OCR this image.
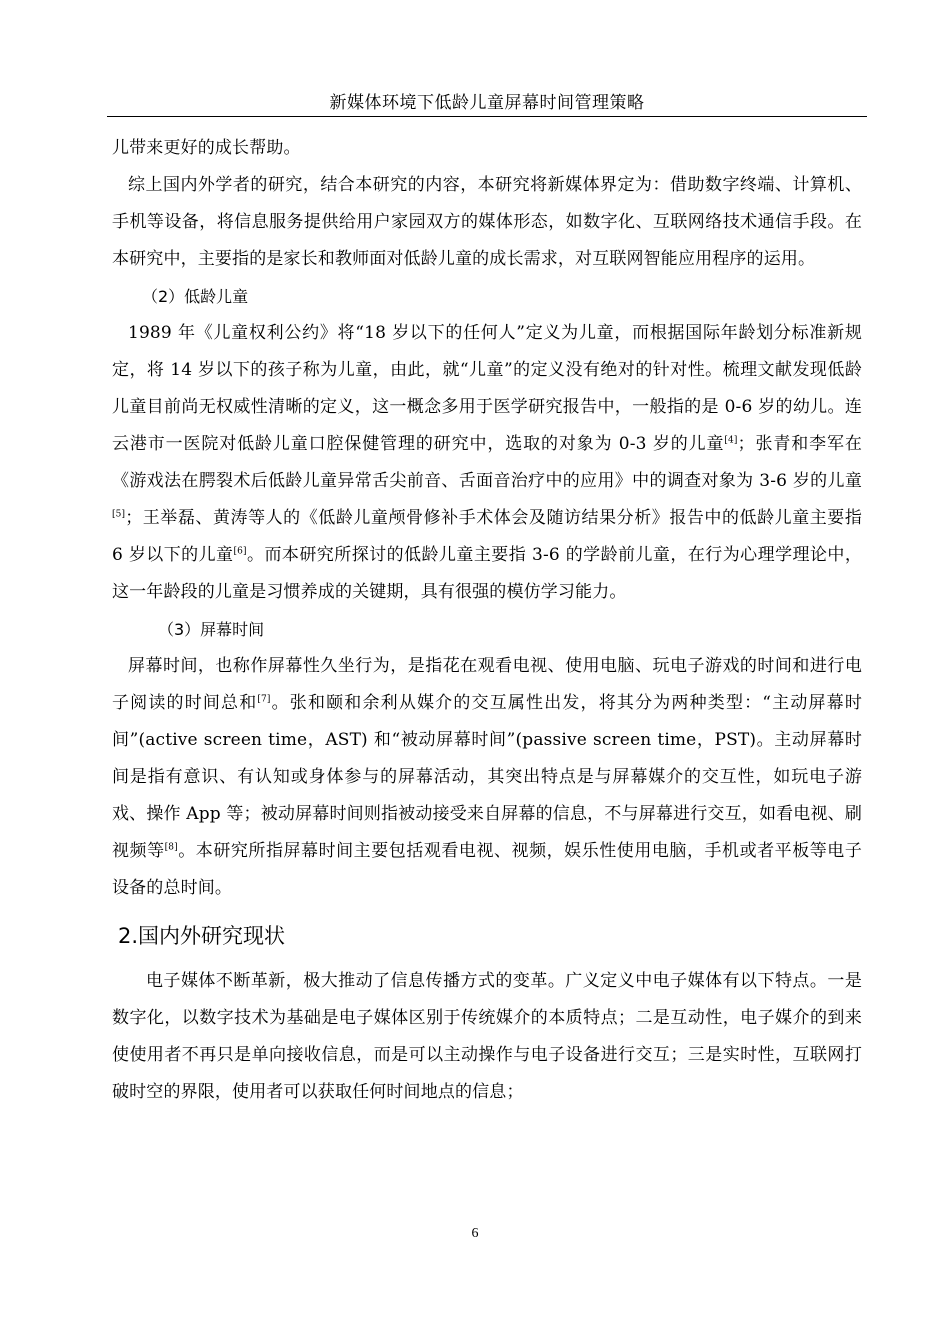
新媒体环境下低龄儿童屏幕时间管理策略

儿带来更好的成长帮助。

综上国内外学者的研究，结合本研究的内容，本研究将新媒体界定为：借助数字终端、计算机、手机等设备，将信息服务提供给用户家园双方的媒体形态，如数字化、互联网络技术通信手段。在本研究中，主要指的是家长和教师面对低龄儿童的成长需求，对互联网智能应用程序的运用。

（2）低龄儿童

1989 年《儿童权利公约》将“18 岁以下的任何人”定义为儿童，而根据国际年龄划分标准新规定，将 14 岁以下的孩子称为儿童，由此，就“儿童”的定义没有绝对的针对性。梳理文献发现低龄儿童目前尚无权威性清晰的定义，这一概念多用于医学研究报告中，一般指的是 0-6 岁的幼儿。连云港市一医院对低龄儿童口腔保健管理的研究中，选取的对象为 0-3 岁的儿童[4]；张青和李军在《游戏法在腭裂术后低龄儿童异常舌尖前音、舌面音治疗中的应用》中的调查对象为 3-6 岁的儿童[5]；王举磊、黄涛等人的《低龄儿童颅骨修补手术体会及随访结果分析》报告中的低龄儿童主要指 6 岁以下的儿童[6]。而本研究所探讨的低龄儿童主要指 3-6 的学龄前儿童，在行为心理学理论中，这一年龄段的儿童是习惯养成的关键期，具有很强的模仿学习能力。

（3）屏幕时间

屏幕时间，也称作屏幕性久坐行为，是指花在观看电视、使用电脑、玩电子游戏的时间和进行电子阅读的时间总和[7]。张和颐和余利从媒介的交互属性出发，将其分为两种类型：“主动屏幕时间”(active screen time，AST) 和“被动屏幕时间”(passive screen time，PST)。主动屏幕时间是指有意识、有认知或身体参与的屏幕活动，其突出特点是与屏幕媒介的交互性，如玩电子游戏、操作 App 等；被动屏幕时间则指被动接受来自屏幕的信息，不与屏幕进行交互，如看电视、刷视频等[8]。本研究所指屏幕时间主要包括观看电视、视频，娱乐性使用电脑，手机或者平板等电子设备的总时间。

2.国内外研究现状

电子媒体不断革新，极大推动了信息传播方式的变革。广义定义中电子媒体有以下特点。一是数字化，以数字技术为基础是电子媒体区别于传统媒介的本质特点；二是互动性，电子媒介的到来使使用者不再只是单向接收信息，而是可以主动操作与电子设备进行交互；三是实时性，互联网打破时空的界限，使用者可以获取任何时间地点的信息；

6
